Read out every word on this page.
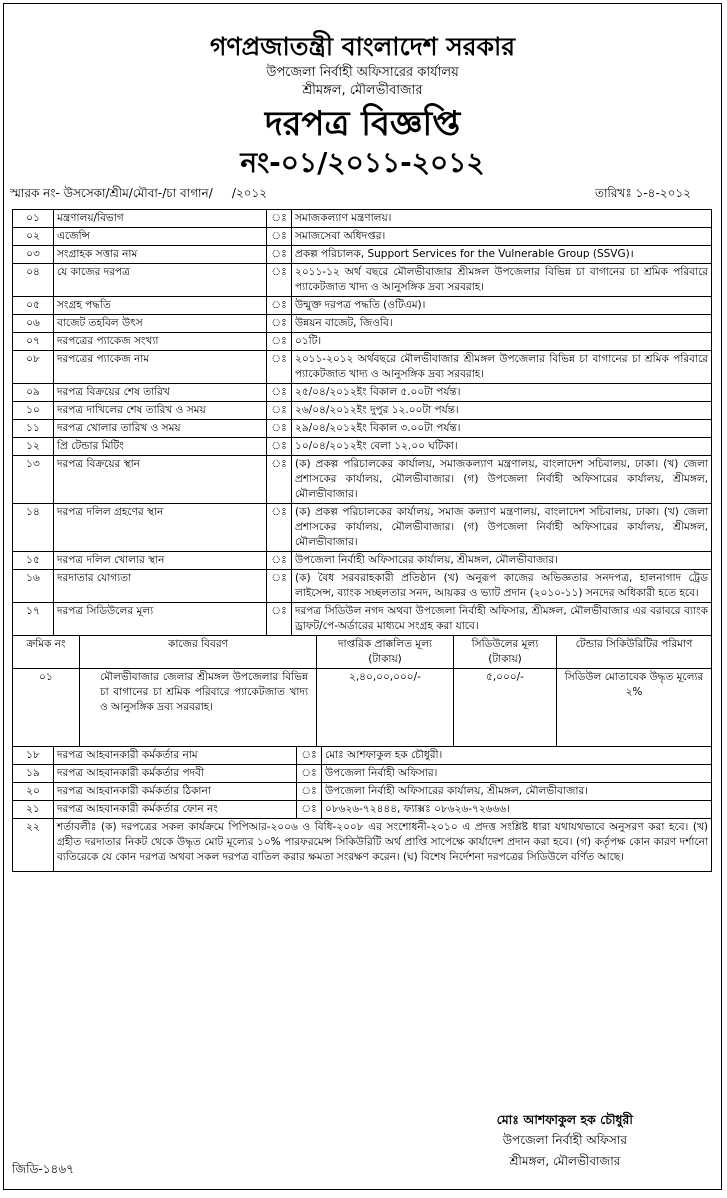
গণপ্রজাতন্ত্রী বাংলাদেশ সরকার
উপজেলা নির্বাহী অফিসারের কার্যালয়
শ্রীমঙ্গল, মৌলভীবাজার
দরপত্র বিজ্ঞপ্তি
নং-০১/২০১১-২০১২
স্মারক নং- উসসেকা/শ্রীম/মৌবা-/চা বাগান/ /২০১২	তারিখঃ ১-৪-২০১২
০১	মন্ত্রণালয়/বিভাগ	ঃ	সমাজকল্যাণ মন্ত্রণালয়।
০২	এজেন্সি	ঃ	সমাজসেবা অধিদপ্তর।
০৩	সংগ্রাহক সত্তার নাম	ঃ	প্রকল্প পরিচালক, Support Services for the Vulnerable Group (SSVG)।
০৪	যে কাজের দরপত্র	ঃ	২০১১-১২ অর্থ বছরে মৌলভীবাজার শ্রীমঙ্গল উপজেলার বিভিন্ন চা বাগানের চা শ্রমিক পরিবারে প্যাকেটজাত খাদ্য ও আনুসঙ্গিক দ্রব্য সরবরাহ।
০৫	সংগ্রহ পদ্ধতি	ঃ	উন্মুক্ত দরপত্র পদ্ধতি (ওটিএম)।
০৬	বাজেট তহবিল উৎস	ঃ	উন্নয়ন বাজেট, জিওবি।
০৭	দরপত্রের প্যাকেজ সংখ্যা	ঃ	০১টি।
০৮	দরপত্রের প্যাকেজ নাম	ঃ	২০১১-২০১২ অর্থবছরে মৌলভীবাজার শ্রীমঙ্গল উপজেলার বিভিন্ন চা বাগানের চা শ্রমিক পরিবারে প্যাকেটজাত খাদ্য ও আনুসঙ্গিক দ্রব্য সরবরাহ।
০৯	দরপত্র বিক্রয়ের শেষ তারিখ	ঃ	২৫/০৪/২০১২ইং বিকাল ৫.০০টা পর্যন্ত।
১০	দরপত্র দাখিলের শেষ তারিখ ও সময়	ঃ	২৬/০৪/২০১২ইং দুপুর ১২.০০টা পর্যন্ত।
১১	দরপত্র খোলার তারিখ ও সময়	ঃ	২৯/০৪/২০১২ইং বিকাল ৩.০০টা পর্যন্ত।
১২	প্রি টেন্ডার মিটিং	ঃ	১০/০৪/২০১২ইং বেলা ১২.০০ ঘটিকা।
১৩	দরপত্র বিক্রয়ের স্থান	ঃ	(ক) প্রকল্প পরিচালকের কার্যালয়, সমাজকল্যাণ মন্ত্রণালয়, বাংলাদেশ সচিবালয়, ঢাকা। (খ) জেলা প্রশাসকের কার্যালয়, মৌলভীবাজার। (গ) উপজেলা নির্বাহী অফিসারের কার্যালয়, শ্রীমঙ্গল, মৌলভীবাজার।
১৪	দরপত্র দলিল গ্রহণের স্থান	ঃ	(ক) প্রকল্প পরিচালকের কার্যালয়, সমাজ কল্যাণ মন্ত্রণালয়, বাংলাদেশ সচিবালয়, ঢাকা। (খ) জেলা প্রশাসকের কার্যালয়, মৌলভীবাজার। (গ) উপজেলা নির্বাহী অফিসারের কার্যালয়, শ্রীমঙ্গল, মৌলভীবাজার।
১৫	দরপত্র দলিল খোলার স্থান	ঃ	উপজেলা নির্বাহী অফিসারের কার্যালয়, শ্রীমঙ্গল, মৌলভীবাজার।
১৬	দরদাতার যোগ্যতা	ঃ	(ক) বৈধ সরবরাহকারী প্রতিষ্ঠান (খ) অনুরূপ কাজের অভিজ্ঞতার সনদপত্র, হালনাগাদ ট্রেড লাইসেন্স, ব্যাংক সচ্ছলতার সনদ, আয়কর ও ভ্যাট প্রদান (২০১০-১১) সনদের অধিকারী হতে হবে।
১৭	দরপত্র সিডিউলের মূল্য	ঃ	দরপত্র সিডিউল নগদ অথবা উপজেলা নির্বাহী অফিসার, শ্রীমঙ্গল, মৌলভীবাজার এর বরাবরে ব্যাংক ড্রাফট/পে-অর্ডারের মাধ্যমে সংগ্রহ করা যাবে।
ক্রমিক নং	কাজের বিবরণ	দাপ্তরিক প্রাক্কলিত মূল্য (টাকায়)	সিডিউলের মূল্য (টাকায়)	টেন্ডার সিকিউরিটির পরিমাণ
০১	মৌলভীবাজার জেলার শ্রীমঙ্গল উপজেলার বিভিন্ন চা বাগানের চা শ্রমিক পরিবারে প্যাকেটজাত খাদ্য ও আনুসঙ্গিক দ্রব্য সরবরাহ।	২,৪০,০০,০০০/-	৫,০০০/-	সিডিউল মোতাবেক উদ্ধৃত মূল্যের ২%
১৮	দরপত্র আহবানকারী কর্মকর্তার নাম	ঃ	মোঃ আশফাকুল হক চৌধুরী।
১৯	দরপত্র আহবানকারী কর্মকর্তার পদবী	ঃ	উপজেলা নির্বাহী অফিসার।
২০	দরপত্র আহবানকারী কর্মকর্তার ঠিকানা	ঃ	উপজেলা নির্বাহী অফিসারের কার্যালয়, শ্রীমঙ্গল, মৌলভীবাজার।
২১	দরপত্র আহবানকারী কর্মকর্তার ফোন নং	ঃ	০৮৬২৬-৭২৪৪৪, ফ্যাক্সঃ ০৮৬২৬-৭২৬৬৬।
২২	শর্তাবলীঃ (ক) দরপত্রের সকল কার্যক্রমে পিপিআর-২০০৬ ও বিধি-২০০৮ এর সংশোধনী-২০১০ এ প্রদত্ত সংশ্লিষ্ট ধারা যথাযথভাবে অনুসরণ করা হবে। (খ) গ্রহীত দরদাতার নিকট থেকে উদ্ধৃত মোট মূল্যের ১০% পারফরমেন্স সিকিউরিটি অর্থ প্রাপ্তি সাপেক্ষে কার্যাদেশ প্রদান করা হবে। (গ) কর্তৃপক্ষ কোন কারণ দর্শানো ব্যতিরেকে যে কোন দরপত্র অথবা সকল দরপত্র বাতিল করার ক্ষমতা সংরক্ষণ করেন। (ঘ) বিশেষ নির্দেশনা দরপত্রের সিডিউলে বর্ণিত আছে।		
মোঃ আশফাকুল হক চৌধুরী
উপজেলা নির্বাহী অফিসার
শ্রীমঙ্গল, মৌলভীবাজার
জিডি-১৪৬৭
